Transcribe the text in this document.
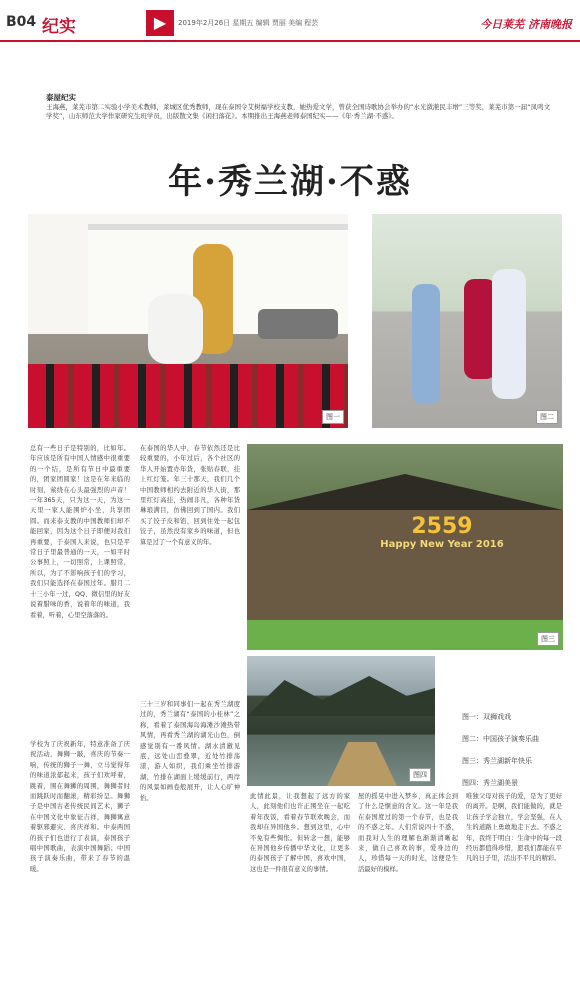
B04 纪实	▶	2019年2月26日 星期五 编辑 贾丽 美编 程芸	今日莱芜 济南晚报
泰屋纪实
王海燕，莱芜市第二实验小学美术教师，莱城区优秀教师，现在泰国令艾树福学校支教，她热爱文学，曾获全国诗歌协会举办的“水光潋滟民丰增”三等奖，莱芜市第一届“凤鸣文学奖”，山东师范大学作家研究生班学员，出版散文集《闲扫落花》。本期推出王海燕老师泰国纪实——《年·秀兰湖·不惑》。
年·秀兰湖·不惑
图一	图二
2559
Happy New Year 2016
图三
图四
图一：双狮戏戏
图二：中国孩子演奏乐曲
图三：秀兰湖新年快乐
图四：秀兰湖美景
总有一些日子是特别的，比如年。年应该是所有中国人情感中很重要的一个结，是所有节日中最重要的，团家团圆家！这是在年来临的时刻，萦绕在心头最强烈的声音！一年365天，只为这一天，为这一天里一家人能围炉小坐，共享团圆。而来泰支教的中国教师们却不能回家，因为这个日子即便对我们再重要，于泰国人来说，也只是平常日子里最普通的一天，一如平时公事照上，一切照常，上课照常，所以，为了不影响孩子们的学习，我们只能选择在泰国过年。腊月二十三小年一过，QQ、微信里的好友说着腊味的香，说着年的味道，我看着，听着，心里空落落的。
学校为了庆祝新年，特意准备了庆祝活动，舞狮一敲，喜庆的节奏一响，传统的狮子一舞，立马觉得年的味道浓郁起来，孩子们欢呼着，跳着，围在舞狮的周围，舞狮者时而跳跃时而翻滚，精彩纷呈。舞狮子是中国古老传统民间艺术，狮子在中国文化中象征吉祥，舞狮寓意着驱邪避灾、喜庆祥和。中泰两国的孩子们也进行了表演，泰国孩子唱中国歌曲，表演中国舞蹈；中国孩子演奏乐曲，带来了春节的温暖。
在泰国的华人中，春节依然还是比较重要的，小年过后，各个社区的华人开始置办年货，张贴春联，挂上红灯笼。年三十那天，我们几个中国教师相约去附近的华人街，那里红灯高挂，热闹非凡，各种年货琳琅满目，仿佛回到了国内。我们买了饺子皮和馅，回到住处一起包饺子，虽然没有家乡的味道，但也算是过了一个有意义的年。
三十三岁和同事们一起在秀兰湖度过的，秀兰湖有“泰国的小桂林”之称，看着了泰国海岛海滩沙滩热带风情，再看秀兰湖的湖光山色，倒感觉别有一番风情。湖水清澈见底，远处山峦叠翠，近处竹排荡漾，游人如织，我们乘坐竹排游湖，竹排在湖面上缓缓前行，两岸的风景如画卷般展开，让人心旷神怡。	此情此景，让我想起了远方的家人，此刻他们也许正围坐在一起吃着年夜饭，看着春节联欢晚会，而我却在异国他乡。想到这里，心中不免有些惆怅。但转念一想，能够在异国他乡传播中华文化，让更多的泰国孩子了解中国，喜欢中国，这也是一件很有意义的事情。
屋的摇晃中进入梦乡，真正体会到了什么是惬意的含义。这一年是我在泰国度过的第一个春节，也是我的不惑之年。人们常说四十不惑，而我对人生的理解也渐渐清晰起来，做自己喜欢的事，爱身边的人，珍惜每一天的时光，这便是生活最好的模样。
唯独父母对孩子的爱，是为了更好的离开。是啊，我们能做的，就是让孩子学会独立，学会坚强，在人生的道路上勇敢地走下去。不惑之年，我终于明白：生命中的每一段经历都值得珍惜，愿我们都能在平凡的日子里，活出不平凡的精彩。
